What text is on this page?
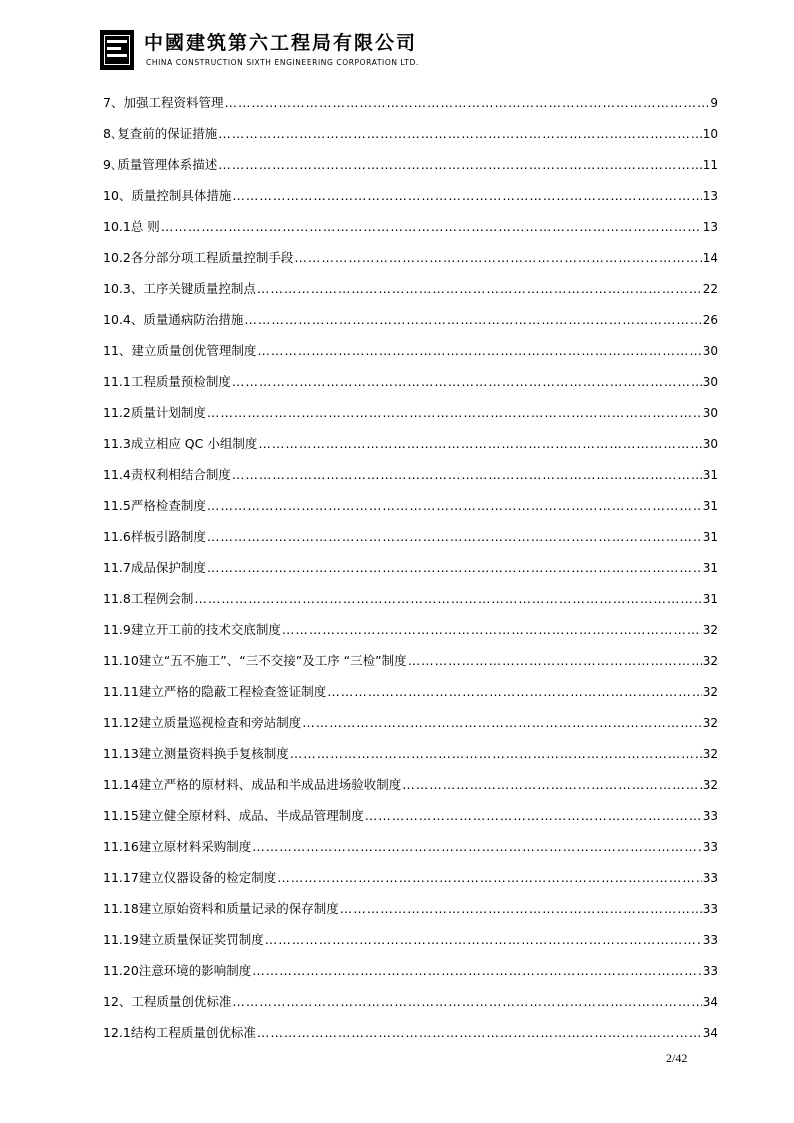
中國建筑第六工程局有限公司
CHINA CONSTRUCTION SIXTH ENGINEERING CORPORATION LTD.
7、加强工程资料管理 ……………………………………………………………………………………………………………………………………………………………………	9
8､复查前的保证措施 ……………………………………………………………………………………………………………………………………………………………………	10
9､质量管理体系描述 ……………………………………………………………………………………………………………………………………………………………………	11
10、质量控制具体措施 ……………………………………………………………………………………………………………………………………………………………………	13
10.1总 则 ……………………………………………………………………………………………………………………………………………………………………	13
10.2各分部分项工程质量控制手段 ……………………………………………………………………………………………………………………………………………………………………	14
10.3、工序关键质量控制点 ……………………………………………………………………………………………………………………………………………………………………	22
10.4、质量通病防治措施 ……………………………………………………………………………………………………………………………………………………………………	26
11、建立质量创优管理制度 ……………………………………………………………………………………………………………………………………………………………………	30
11.1工程质量预检制度 ……………………………………………………………………………………………………………………………………………………………………	30
11.2质量计划制度 ……………………………………………………………………………………………………………………………………………………………………	30
11.3成立相应 QC 小组制度 ……………………………………………………………………………………………………………………………………………………………………	30
11.4责权利相结合制度 ……………………………………………………………………………………………………………………………………………………………………	31
11.5严格检查制度 ……………………………………………………………………………………………………………………………………………………………………	31
11.6样板引路制度 ……………………………………………………………………………………………………………………………………………………………………	31
11.7成品保护制度 ……………………………………………………………………………………………………………………………………………………………………	31
11.8工程例会制 ……………………………………………………………………………………………………………………………………………………………………	31
11.9建立开工前的技术交底制度 ……………………………………………………………………………………………………………………………………………………………………	32
11.10建立“五不施工”、“三不交接”及工序 “三检”制度 ……………………………………………………………………………………………………………………………………………………………………	32
11.11建立严格的隐蔽工程检查签证制度 ……………………………………………………………………………………………………………………………………………………………………	32
11.12建立质量巡视检查和旁站制度 ……………………………………………………………………………………………………………………………………………………………………	32
11.13建立测量资料换手复核制度 ……………………………………………………………………………………………………………………………………………………………………	32
11.14建立严格的原材料、成品和半成品进场验收制度 ……………………………………………………………………………………………………………………………………………………………………	32
11.15建立健全原材料、成品、半成品管理制度 ……………………………………………………………………………………………………………………………………………………………………	33
11.16建立原材料采购制度 ……………………………………………………………………………………………………………………………………………………………………	33
11.17建立仪器设备的检定制度 ……………………………………………………………………………………………………………………………………………………………………	33
11.18建立原始资料和质量记录的保存制度 ……………………………………………………………………………………………………………………………………………………………………	33
11.19建立质量保证奖罚制度 ……………………………………………………………………………………………………………………………………………………………………	33
11.20注意环境的影响制度 ……………………………………………………………………………………………………………………………………………………………………	33
12、工程质量创优标准 ……………………………………………………………………………………………………………………………………………………………………	34
12.1结构工程质量创优标准 ……………………………………………………………………………………………………………………………………………………………………	34
2/42
